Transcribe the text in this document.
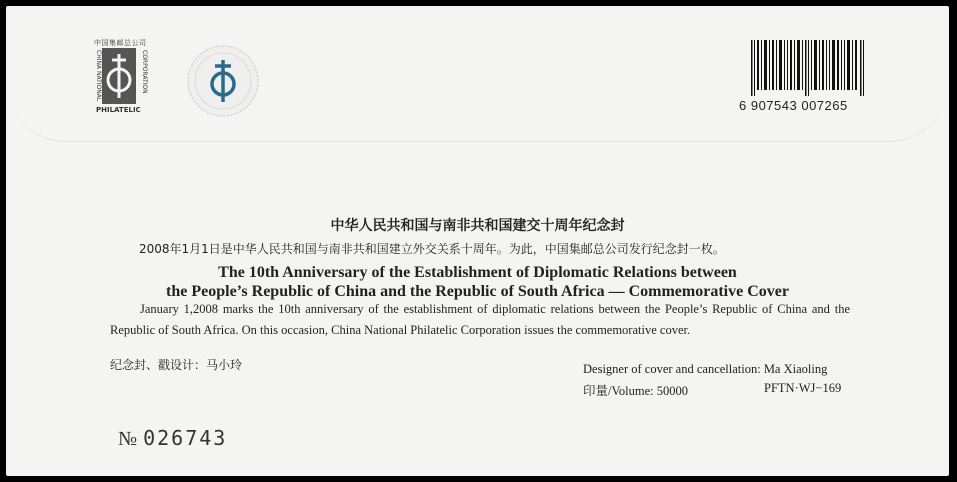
中国集邮总公司
CHINA NATIONAL	CORPORATION
PHILATELIC	6 907543 007265
中华人民共和国与南非共和国建交十周年纪念封
2008年1月1日是中华人民共和国与南非共和国建立外交关系十周年。为此，中国集邮总公司发行纪念封一枚。
The 10th Anniversary of the Establishment of Diplomatic Relations between
the People’s Republic of China and the Republic of South Africa — Commemorative Cover
January 1,2008 marks the 10th anniversary of the establishment of diplomatic relations between the People’s Republic of China and the Republic of South Africa. On this occasion, China National Philatelic Corporation issues the commemorative cover.
纪念封、戳设计：马小玲	Designer of cover and cancellation: Ma Xiaoling
印量/Volume: 50000	PFTN·WJ−169
№ 026743
